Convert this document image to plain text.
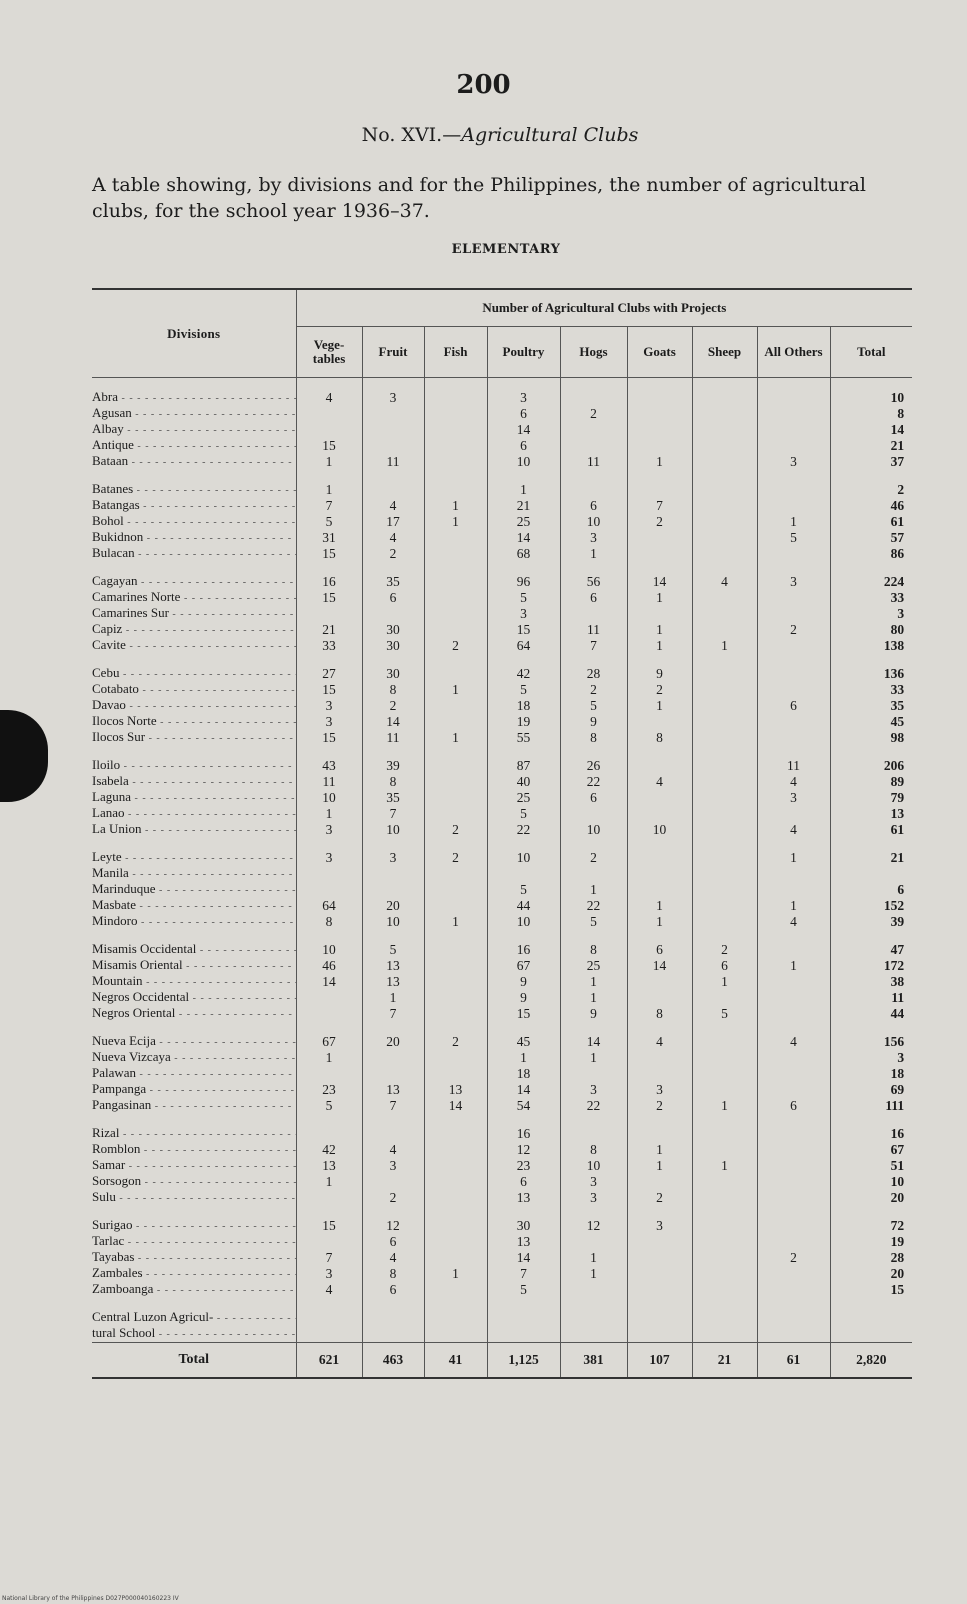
200
No. XVI.—Agricultural Clubs
A table showing, by divisions and for the Philippines, the number of agricultural clubs, for the school year 1936–37.
ELEMENTARY
Divisions	Number of Agricultural Clubs with Projects								
	Vege-tables	Fruit	Fish	Poultry	Hogs	Goats	Sheep	All Others	Total
Abra - - -	4	3		3					10
Agusan - - -				6	2				8
Albay - - -				14					14
Antique - - -	15			6					21
Bataan - - -	1	11		10	11	1		3	37

Batanes - - -	1			1					2
Batangas - - -	7	4	1	21	6	7			46
Bohol - - -	5	17	1	25	10	2		1	61
Bukidnon - - -	31	4		14	3			5	57
Bulacan - - -	15	2		68	1				86

Cagayan - - -	16	35		96	56	14	4	3	224
Camarines Norte - - -	15	6		5	6	1			33
Camarines Sur - - -				3					3
Capiz - - -	21	30		15	11	1		2	80
Cavite - - -	33	30	2	64	7	1	1		138

Cebu - - -	27	30		42	28	9			136
Cotabato - - -	15	8	1	5	2	2			33
Davao - - -	3	2		18	5	1		6	35
Ilocos Norte - - -	3	14		19	9				45
Ilocos Sur - - -	15	11	1	55	8	8			98

Iloilo - - -	43	39		87	26			11	206
Isabela - - -	11	8		40	22	4		4	89
Laguna - - -	10	35		25	6			3	79
Lanao - - -	1	7		5					13
La Union - - -	3	10	2	22	10	10		4	61

Leyte - - -	3	3	2	10	2			1	21
Manila - - -									
Marinduque - - -				5	1				6
Masbate - - -	64	20		44	22	1		1	152
Mindoro - - -	8	10	1	10	5	1		4	39

Misamis Occidental - - -	10	5		16	8	6	2		47
Misamis Oriental - - -	46	13		67	25	14	6	1	172
Mountain - - -	14	13		9	1		1		38
Negros Occidental - - -		1		9	1				11
Negros Oriental - - -		7		15	9	8	5		44

Nueva Ecija - - -	67	20	2	45	14	4		4	156
Nueva Vizcaya - - -	1			1	1				3
Palawan - - -				18					18
Pampanga - - -	23	13	13	14	3	3			69
Pangasinan - - -	5	7	14	54	22	2	1	6	111

Rizal - - -				16					16
Romblon - - -	42	4		12	8	1			67
Samar - - -	13	3		23	10	1	1		51
Sorsogon - - -	1			6	3				10
Sulu - - -		2		13	3	2			20

Surigao - - -	15	12		30	12	3			72
Tarlac - - -		6		13					19
Tayabas - - -	7	4		14	1			2	28
Zambales - - -	3	8	1	7	1				20
Zamboanga - - -	4	6		5					15

Central Luzon Agricul- - - -									
tural School - - -									
Total	621	463	41	1,125	381	107	21	61	2,820
National Library of the Philippines D027P000040160223 IV
